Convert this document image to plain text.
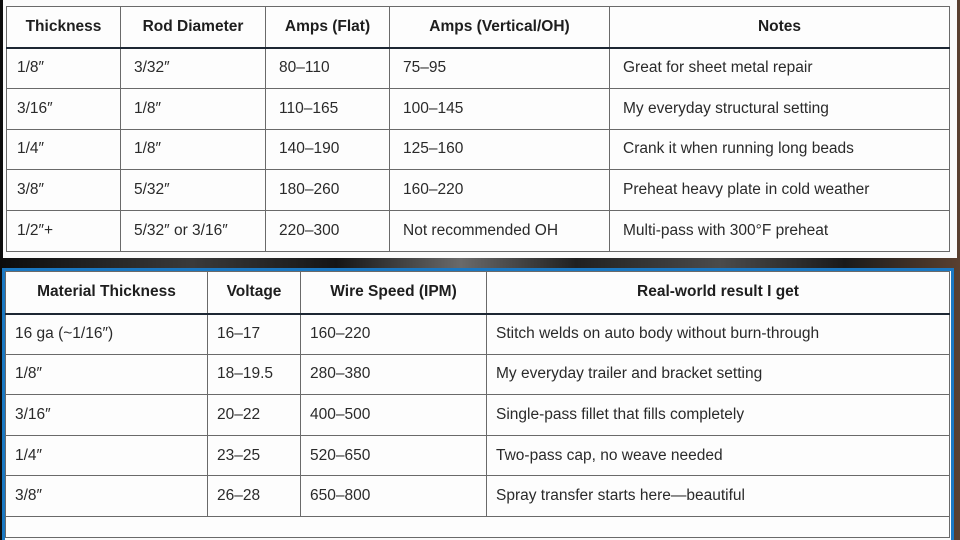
Thickness	Rod Diameter	Amps (Flat)	Amps (Vertical/OH)	Notes
1/8″	3/32″	80–110	75–95	Great for sheet metal repair
3/16″	1/8″	110–165	100–145	My everyday structural setting
1/4″	1/8″	140–190	125–160	Crank it when running long beads
3/8″	5/32″	180–260	160–220	Preheat heavy plate in cold weather
1/2″+	5/32″ or 3/16″	220–300	Not recommended OH	Multi-pass with 300°F preheat
Material Thickness	Voltage	Wire Speed (IPM)	Real-world result I get
16 ga (~1/16″)	16–17	160–220	Stitch welds on auto body without burn-through
1/8″	18–19.5	280–380	My everyday trailer and bracket setting
3/16″	20–22	400–500	Single-pass fillet that fills completely
1/4″	23–25	520–650	Two-pass cap, no weave needed
3/8″	26–28	650–800	Spray transfer starts here—beautiful
